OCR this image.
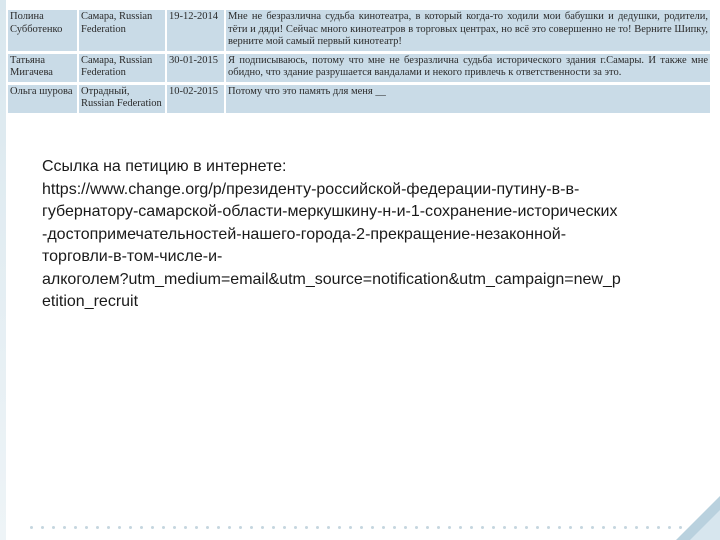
Полина Субботенко	Самара, Russian Federation	19-12-2014	Мне не безразлична судьба кинотеатра, в который когда-то ходили мои бабушки и дедушки, родители, тёти и дяди! Сейчас много кинотеатров в торговых центрах, но всё это совершенно не то! Верните Шипку, верните мой самый первый кинотеатр!
Татьяна Мигачева	Самара, Russian Federation	30-01-2015	Я подписываюсь, потому что мне не безразлична судьба исторического здания г.Самары. И также мне обидно, что здание разрушается вандалами и некого привлечь к ответственности за это.
Ольга шурова	Отрадный, Russian Federation	10-02-2015	Потому что это память для меня __
Ссылка на петицию в интернете:
https://www.change.org/p/президенту-российской-федерации-путину-в-в-
губернатору-самарской-области-меркушкину-н-и-1-сохранение-исторических
-достопримечательностей-нашего-города-2-прекращение-незаконной-
торговли-в-том-числе-и-
алкоголем?utm_medium=email&utm_source=notification&utm_campaign=new_p
etition_recruit
